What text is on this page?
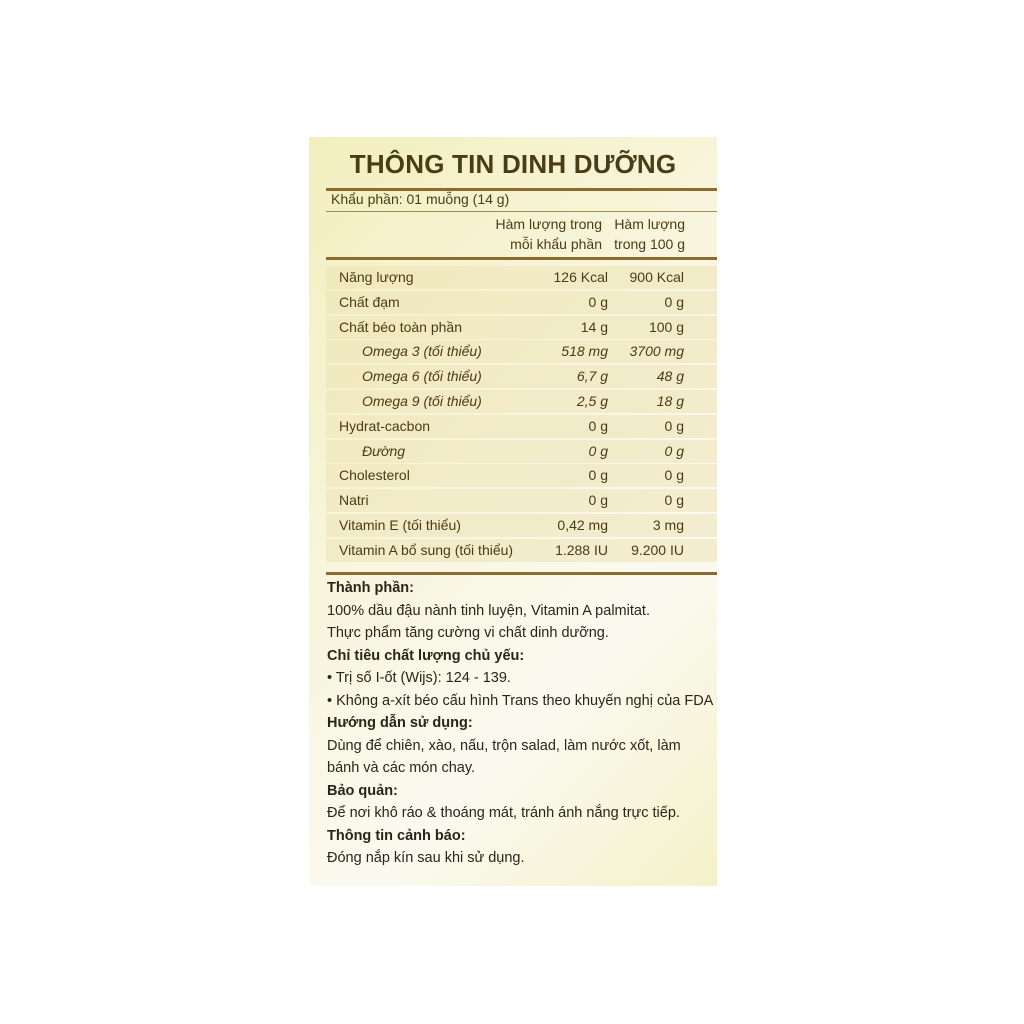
THÔNG TIN DINH DƯỠNG
Khẩu phần: 01 muỗng (14 g)
Hàm lượng trong
mỗi khẩu phần
Hàm lượng
trong 100 g
Năng lượng	126 Kcal 900 Kcal
Chất đạm	0 g	0 g
Chất béo toàn phần	14 g	100 g
Omega 3 (tối thiểu)	518 mg 3700 mg
Omega 6 (tối thiểu)	6,7 g	48 g
Omega 9 (tối thiểu)	2,5 g	18 g
Hydrat-cacbon	0 g	0 g
Đường	0 g	0 g
Cholesterol	0 g	0 g
Natri	0 g	0 g
Vitamin E (tối thiểu)	0,42 mg	3 mg
Vitamin A bổ sung (tối thiểu)	1.288 IU 9.200 IU
Thành phần:
100% dầu đậu nành tinh luyện, Vitamin A palmitat.
Thực phẩm tăng cường vi chất dinh dưỡng.
Chỉ tiêu chất lượng chủ yếu:
• Trị số I-ốt (Wijs): 124 - 139.
• Không a-xít béo cấu hình Trans theo khuyến nghị của FDA
Hướng dẫn sử dụng:
Dùng để chiên, xào, nấu, trộn salad, làm nước xốt, làm bánh và các món chay.
Bảo quản:
Để nơi khô ráo & thoáng mát, tránh ánh nắng trực tiếp.
Thông tin cảnh báo:
Đóng nắp kín sau khi sử dụng.
